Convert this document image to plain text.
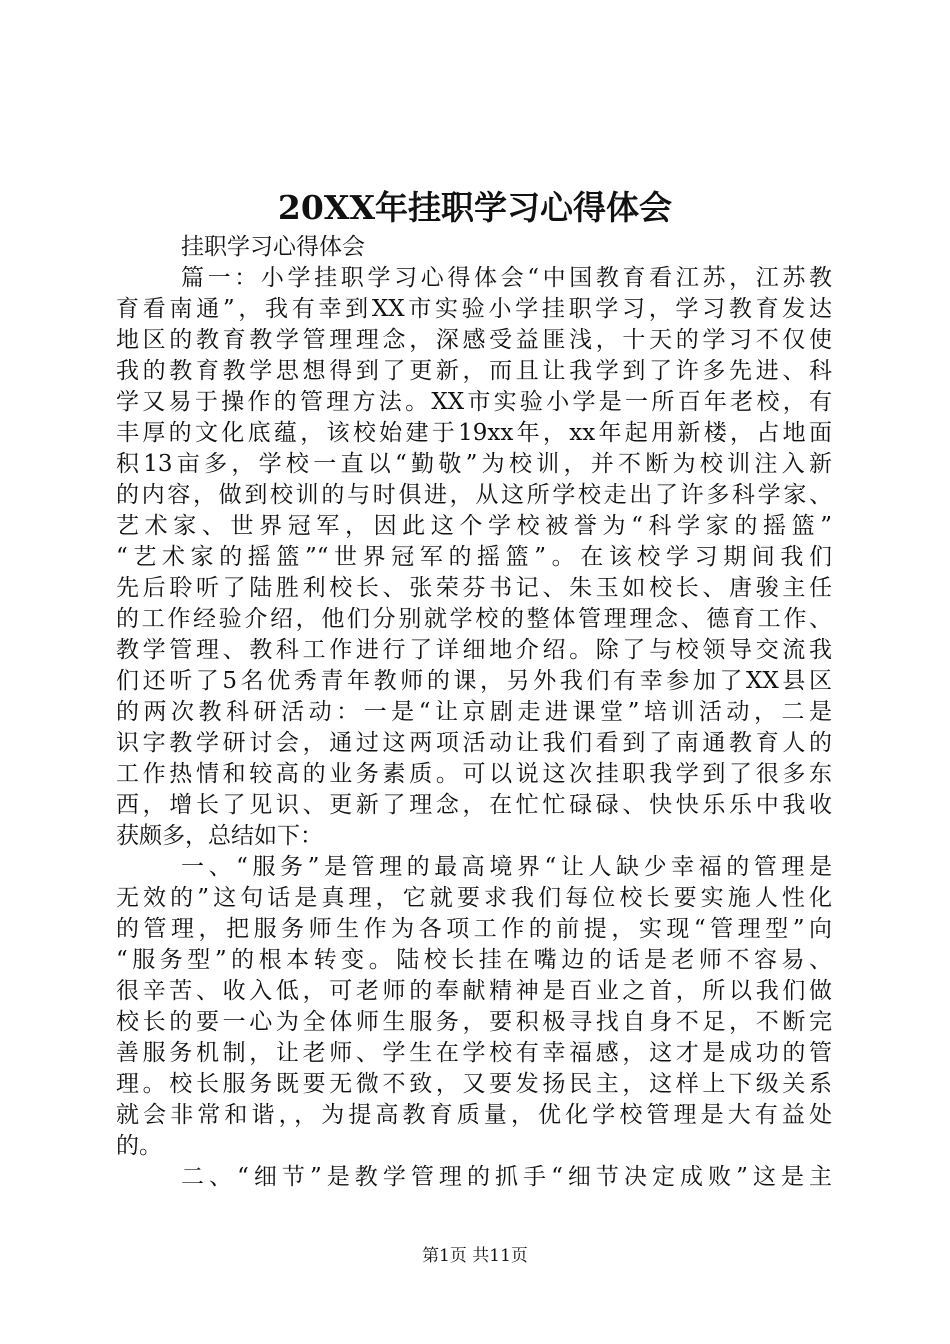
20XX年挂职学习心得体会
挂职学习心得体会
篇一：小学挂职学习心得体会“中国教育看江苏，江苏教
育看南通”，我有幸到XX市实验小学挂职学习，学习教育发达
地区的教育教学管理理念，深感受益匪浅，十天的学习不仅使
我的教育教学思想得到了更新，而且让我学到了许多先进、科
学又易于操作的管理方法。XX市实验小学是一所百年老校，有
丰厚的文化底蕴，该校始建于19xx年，xx年起用新楼，占地面
积13亩多，学校一直以“勤敬”为校训，并不断为校训注入新
的内容，做到校训的与时俱进，从这所学校走出了许多科学家、
艺术家、世界冠军，因此这个学校被誉为“科学家的摇篮”
“艺术家的摇篮”“世界冠军的摇篮”。在该校学习期间我们
先后聆听了陆胜利校长、张荣芬书记、朱玉如校长、唐骏主任
的工作经验介绍，他们分别就学校的整体管理理念、德育工作、
教学管理、教科工作进行了详细地介绍。除了与校领导交流我
们还听了5名优秀青年教师的课，另外我们有幸参加了XX县区
的两次教科研活动：一是“让京剧走进课堂”培训活动，二是
识字教学研讨会，通过这两项活动让我们看到了南通教育人的
工作热情和较高的业务素质。可以说这次挂职我学到了很多东
西，增长了见识、更新了理念，在忙忙碌碌、快快乐乐中我收
获颇多，总结如下：
一、“服务”是管理的最高境界“让人缺少幸福的管理是
无效的”这句话是真理，它就要求我们每位校长要实施人性化
的管理，把服务师生作为各项工作的前提，实现“管理型”向
“服务型”的根本转变。陆校长挂在嘴边的话是老师不容易、
很辛苦、收入低，可老师的奉献精神是百业之首，所以我们做
校长的要一心为全体师生服务，要积极寻找自身不足，不断完
善服务机制，让老师、学生在学校有幸福感，这才是成功的管
理。校长服务既要无微不致，又要发扬民主，这样上下级关系
就会非常和谐，，为提高教育质量，优化学校管理是大有益处
的。
二、“细节”是教学管理的抓手“细节决定成败”这是主
第1页 共11页
